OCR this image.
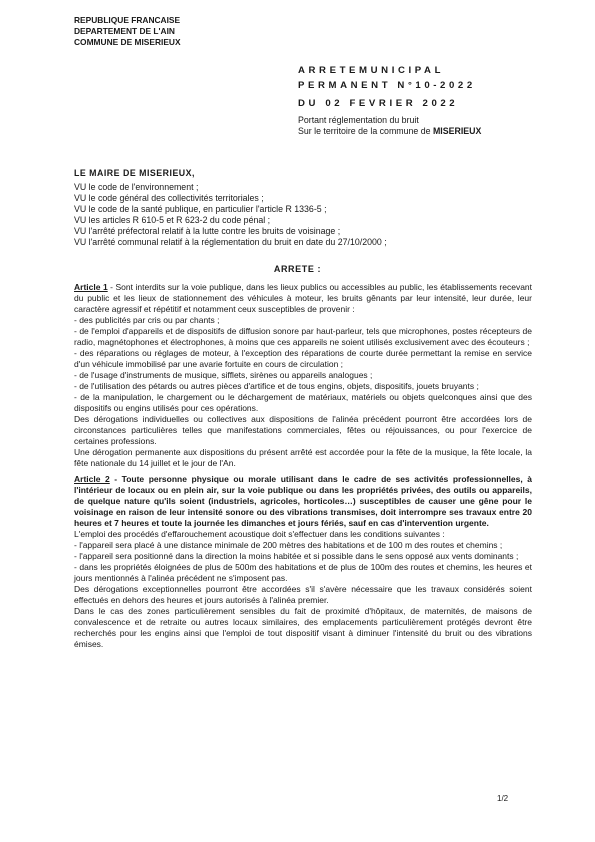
REPUBLIQUE FRANCAISE
DEPARTEMENT DE L'AIN
COMMUNE DE MISERIEUX
ARRETEMUNICIPAL
PERMANENT N°10-2022
DU 02 FEVRIER 2022
Portant réglementation du bruit
Sur le territoire de la commune de MISERIEUX
LE MAIRE DE MISERIEUX,
VU le code de l'environnement ;
VU le code général des collectivités territoriales ;
VU le code de la santé publique, en particulier l'article R 1336-5 ;
VU les articles R 610-5 et R 623-2 du code pénal ;
VU l'arrêté préfectoral relatif à la lutte contre les bruits de voisinage ;
VU l'arrêté communal relatif à la réglementation du bruit en date du 27/10/2000 ;
ARRETE :

Article 1 - Sont interdits sur la voie publique, dans les lieux publics ou accessibles au public, les établissements recevant du public et les lieux de stationnement des véhicules à moteur, les bruits gênants par leur intensité, leur durée, leur caractère agressif et répétitif et notamment ceux susceptibles de provenir :

- des publicités par cris ou par chants ;

- de l'emploi d'appareils et de dispositifs de diffusion sonore par haut-parleur, tels que microphones, postes récepteurs de radio, magnétophones et électrophones, à moins que ces appareils ne soient utilisés exclusivement avec des écouteurs ;

- des réparations ou réglages de moteur, à l'exception des réparations de courte durée permettant la remise en service d'un véhicule immobilisé par une avarie fortuite en cours de circulation ;

- de l'usage d'instruments de musique, sifflets, sirènes ou appareils analogues ;

- de l'utilisation des pétards ou autres pièces d'artifice et de tous engins, objets, dispositifs, jouets bruyants ;

- de la manipulation, le chargement ou le déchargement de matériaux, matériels ou objets quelconques ainsi que des dispositifs ou engins utilisés pour ces opérations.

Des dérogations individuelles ou collectives aux dispositions de l'alinéa précédent pourront être accordées lors de circonstances particulières telles que manifestations commerciales, fêtes ou réjouissances, ou pour l'exercice de certaines professions.

Une dérogation permanente aux dispositions du présent arrêté est accordée pour la fête de la musique, la fête locale, la fête nationale du 14 juillet et le jour de l'An.

Article 2 - Toute personne physique ou morale utilisant dans le cadre de ses activités professionnelles, à l'intérieur de locaux ou en plein air, sur la voie publique ou dans les propriétés privées, des outils ou appareils, de quelque nature qu'ils soient (industriels, agricoles, horticoles…) susceptibles de causer une gêne pour le voisinage en raison de leur intensité sonore ou des vibrations transmises, doit interrompre ses travaux entre 20 heures et 7 heures et toute la journée les dimanches et jours fériés, sauf en cas d'intervention urgente.

L'emploi des procédés d'effarouchement acoustique doit s'effectuer dans les conditions suivantes :

- l'appareil sera placé à une distance minimale de 200 mètres des habitations et de 100 m des routes et chemins ;

- l'appareil sera positionné dans la direction la moins habitée et si possible dans le sens opposé aux vents dominants ;

- dans les propriétés éloignées de plus de 500m des habitations et de plus de 100m des routes et chemins, les heures et jours mentionnés à l'alinéa précédent ne s'imposent pas.

Des dérogations exceptionnelles pourront être accordées s'il s'avère nécessaire que les travaux considérés soient effectués en dehors des heures et jours autorisés à l'alinéa premier.

Dans le cas des zones particulièrement sensibles du fait de proximité d'hôpitaux, de maternités, de maisons de convalescence et de retraite ou autres locaux similaires, des emplacements particulièrement protégés devront être recherchés pour les engins ainsi que l'emploi de tout dispositif visant à diminuer l'intensité du bruit ou des vibrations émises.

1/2
